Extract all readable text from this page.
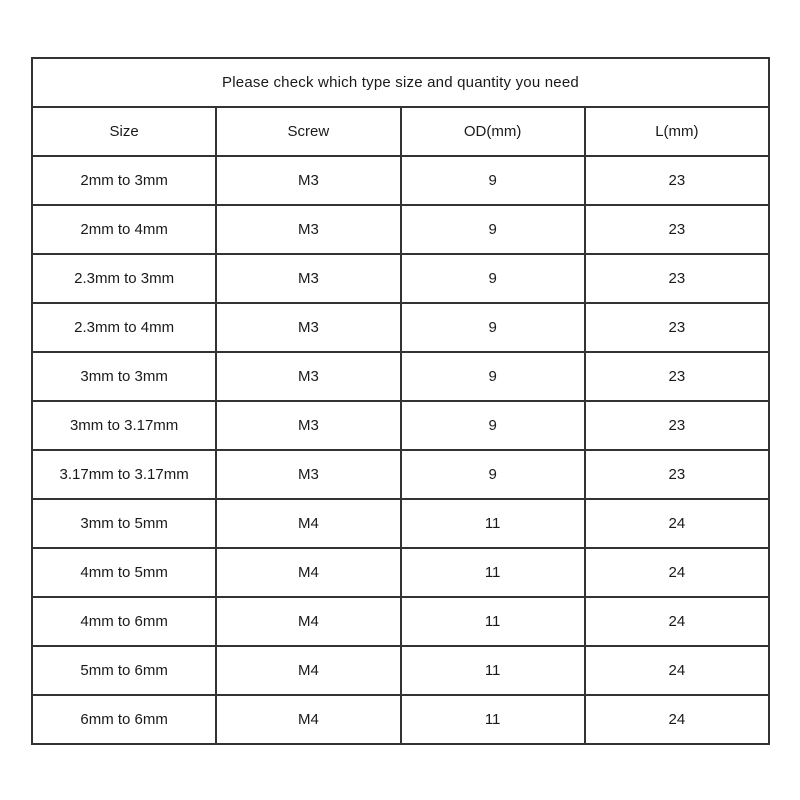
Please check which type size and quantity you need			
Size	Screw	OD(mm)	L(mm)
2mm to 3mm	M3	9	23
2mm to 4mm	M3	9	23
2.3mm to 3mm	M3	9	23
2.3mm to 4mm	M3	9	23
3mm to 3mm	M3	9	23
3mm to 3.17mm	M3	9	23
3.17mm to 3.17mm	M3	9	23
3mm to 5mm	M4	11	24
4mm to 5mm	M4	11	24
4mm to 6mm	M4	11	24
5mm to 6mm	M4	11	24
6mm to 6mm	M4	11	24
